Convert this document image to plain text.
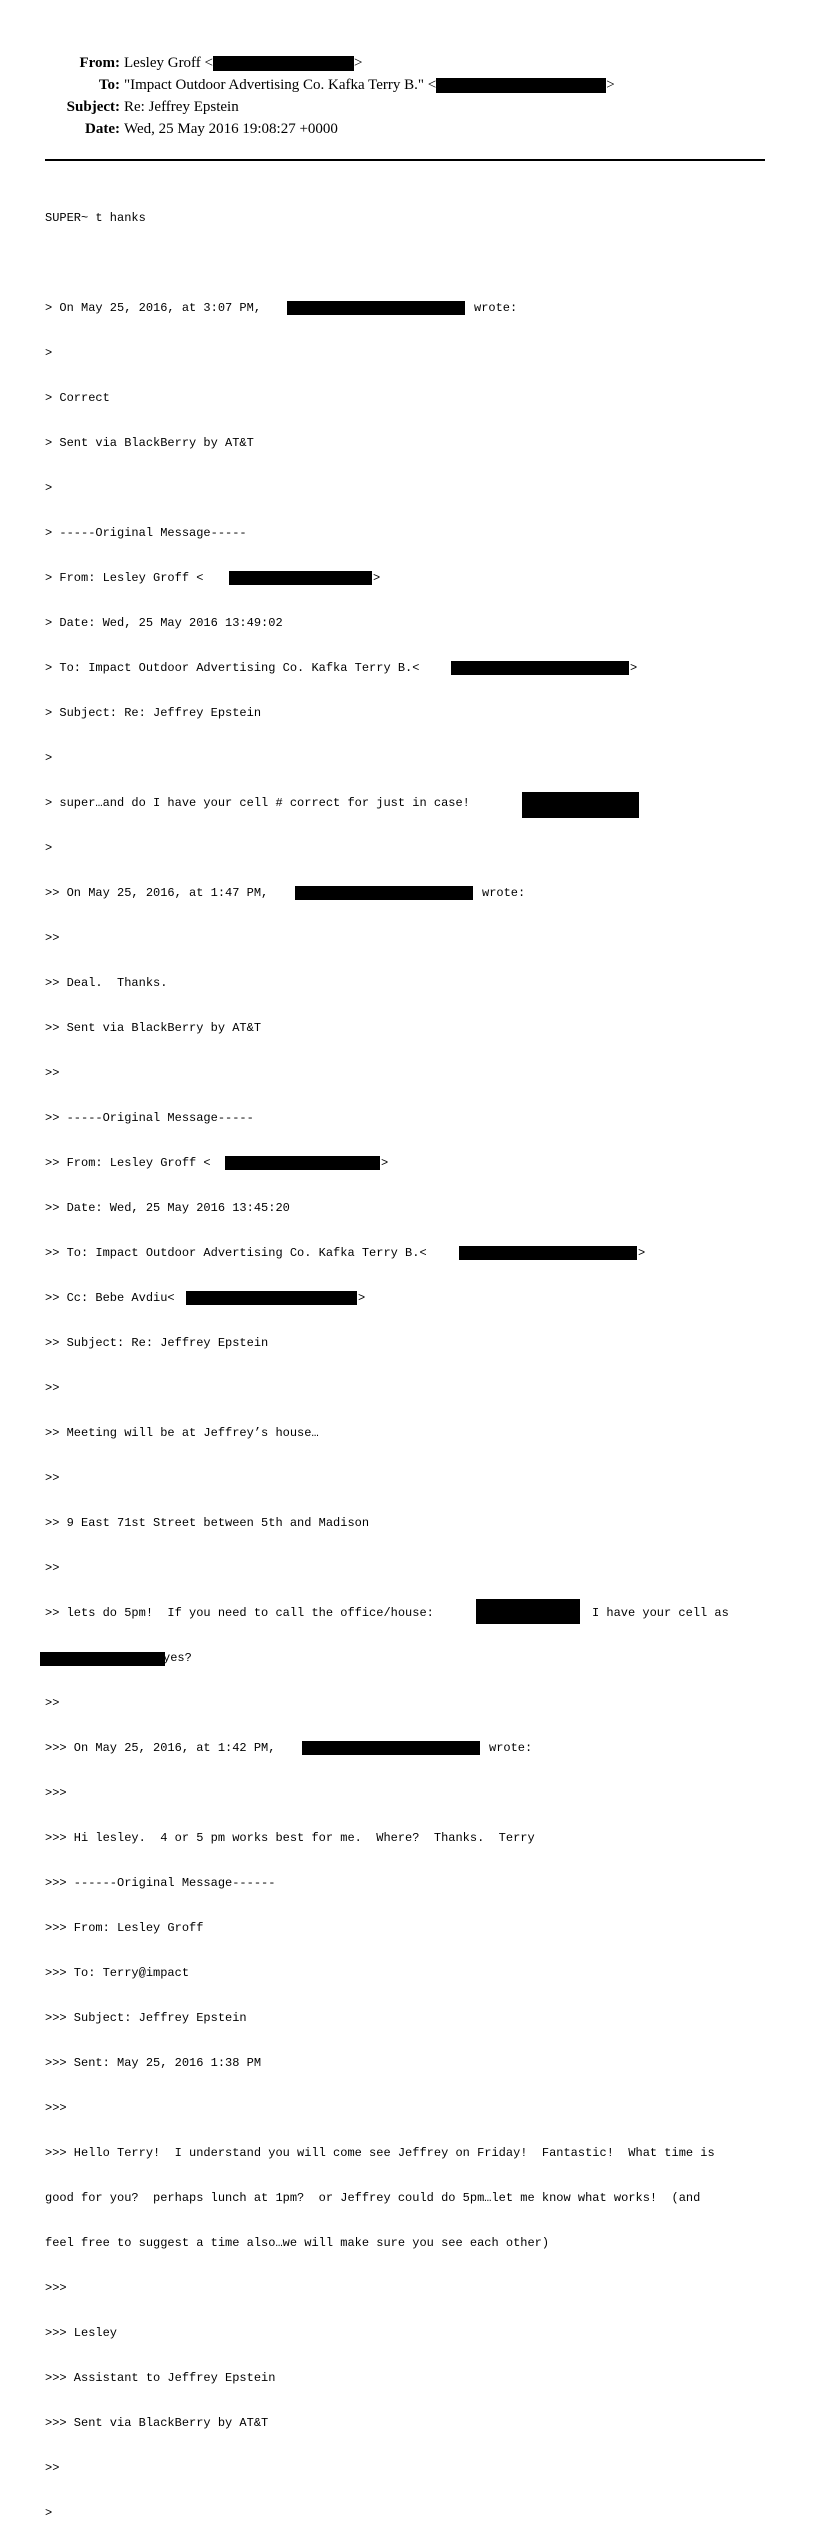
From: Lesley Groff <	>
To: "Impact Outdoor Advertising Co. Kafka Terry B." <	>
Subject: Re: Jeffrey Epstein
Date: Wed, 25 May 2016 19:08:27 +0000

SUPER~ t hanks

> On May 25, 2016, at 3:07 PM,	wrote:

>

> Correct

> Sent via BlackBerry by AT&T

>

> -----Original Message-----

> From: Lesley Groff <	>

> Date: Wed, 25 May 2016 13:49:02

> To: Impact Outdoor Advertising Co. Kafka Terry B.<	>

> Subject: Re: Jeffrey Epstein

>

> super…and do I have your cell # correct for just in case!

>

>> On May 25, 2016, at 1:47 PM,	wrote:

>>

>> Deal.  Thanks.

>> Sent via BlackBerry by AT&T

>>

>> -----Original Message-----

>> From: Lesley Groff <	>

>> Date: Wed, 25 May 2016 13:45:20

>> To: Impact Outdoor Advertising Co. Kafka Terry B.<	>

>> Cc: Bebe Avdiu<	>

>> Subject: Re: Jeffrey Epstein

>>

>> Meeting will be at Jeffrey’s house…

>>

>> 9 East 71st Street between 5th and Madison

>>

>> lets do 5pm!  If you need to call the office/house:	I have your cell as

yes?

>>

>>> On May 25, 2016, at 1:42 PM,	wrote:

>>>

>>> Hi lesley.  4 or 5 pm works best for me.  Where?  Thanks.  Terry

>>> ------Original Message------

>>> From: Lesley Groff

>>> To: Terry@impact

>>> Subject: Jeffrey Epstein

>>> Sent: May 25, 2016 1:38 PM

>>>

>>> Hello Terry!  I understand you will come see Jeffrey on Friday!  Fantastic!  What time is

good for you?  perhaps lunch at 1pm?  or Jeffrey could do 5pm…let me know what works!  (and

feel free to suggest a time also…we will make sure you see each other)

>>>

>>> Lesley

>>> Assistant to Jeffrey Epstein

>>> Sent via BlackBerry by AT&T

>>

>
